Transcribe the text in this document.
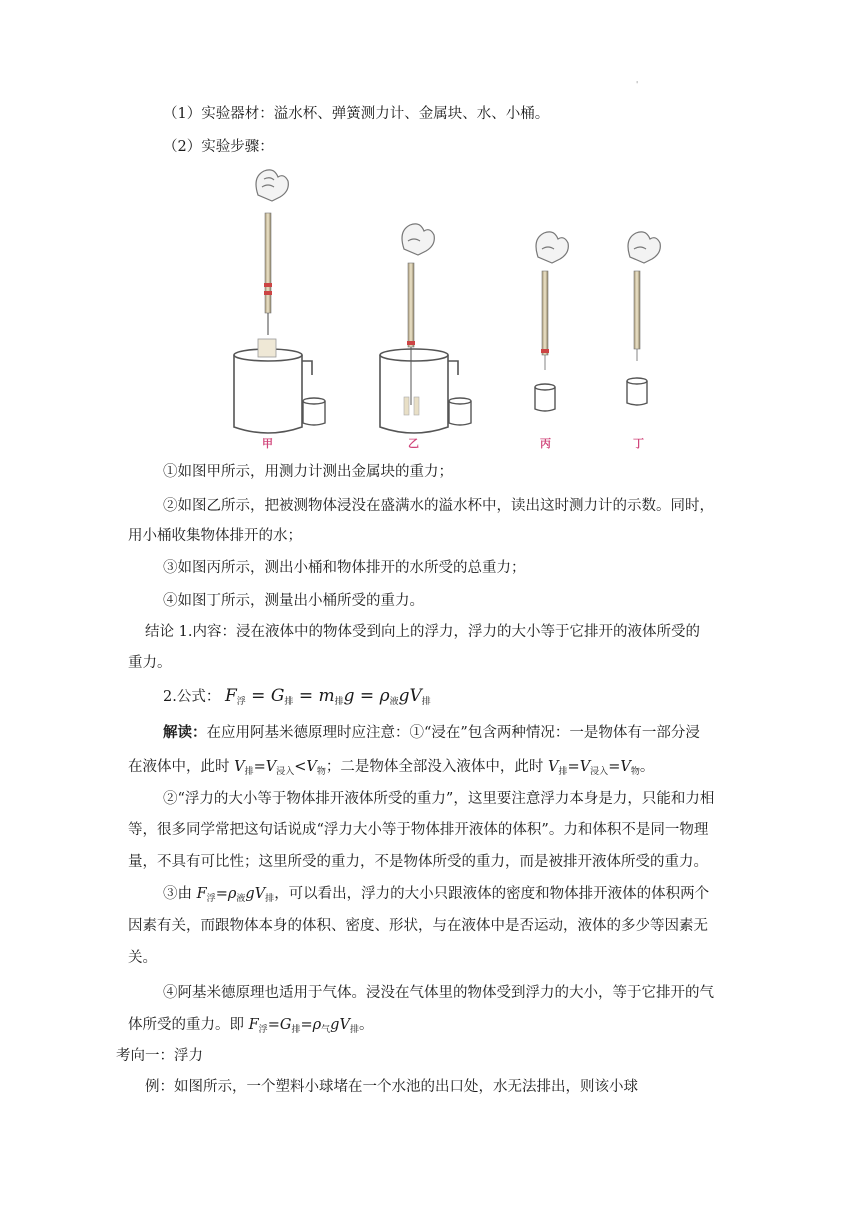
'
（1）实验器材：溢水杯、弹簧测力计、金属块、水、小桶。
（2）实验步骤：
甲	乙	丙	丁
①如图甲所示，用测力计测出金属块的重力；
②如图乙所示，把被测物体浸没在盛满水的溢水杯中，读出这时测力计的示数。同时，
用小桶收集物体排开的水；
③如图丙所示，测出小桶和物体排开的水所受的总重力；
④如图丁所示，测量出小桶所受的重力。
结论 1.内容：浸在液体中的物体受到向上的浮力，浮力的大小等于它排开的液体所受的
重力。
2.公式： $F_浮 = G_排 = m_排g = \rho_液gV_排$
解读：在应用阿基米德原理时应注意：①“浸在”包含两种情况：一是物体有一部分浸
在液体中，此时 $V_排=V_{浸入}<V_物$；二是物体全部没入液体中，此时 $V_排=V_{浸入}=V_物$。
②“浮力的大小等于物体排开液体所受的重力”，这里要注意浮力本身是力，只能和力相
等，很多同学常把这句话说成“浮力大小等于物体排开液体的体积”。力和体积不是同一物理
量，不具有可比性；这里所受的重力，不是物体所受的重力，而是被排开液体所受的重力。
③由 $F_浮=\rho_液gV_排$，可以看出，浮力的大小只跟液体的密度和物体排开液体的体积两个
因素有关，而跟物体本身的体积、密度、形状，与在液体中是否运动，液体的多少等因素无
关。
④阿基米德原理也适用于气体。浸没在气体里的物体受到浮力的大小，等于它排开的气
体所受的重力。即 $F_浮=G_排=\rho_气gV_排$。
考向一：浮力
例：如图所示，一个塑料小球堵在一个水池的出口处，水无法排出，则该小球
